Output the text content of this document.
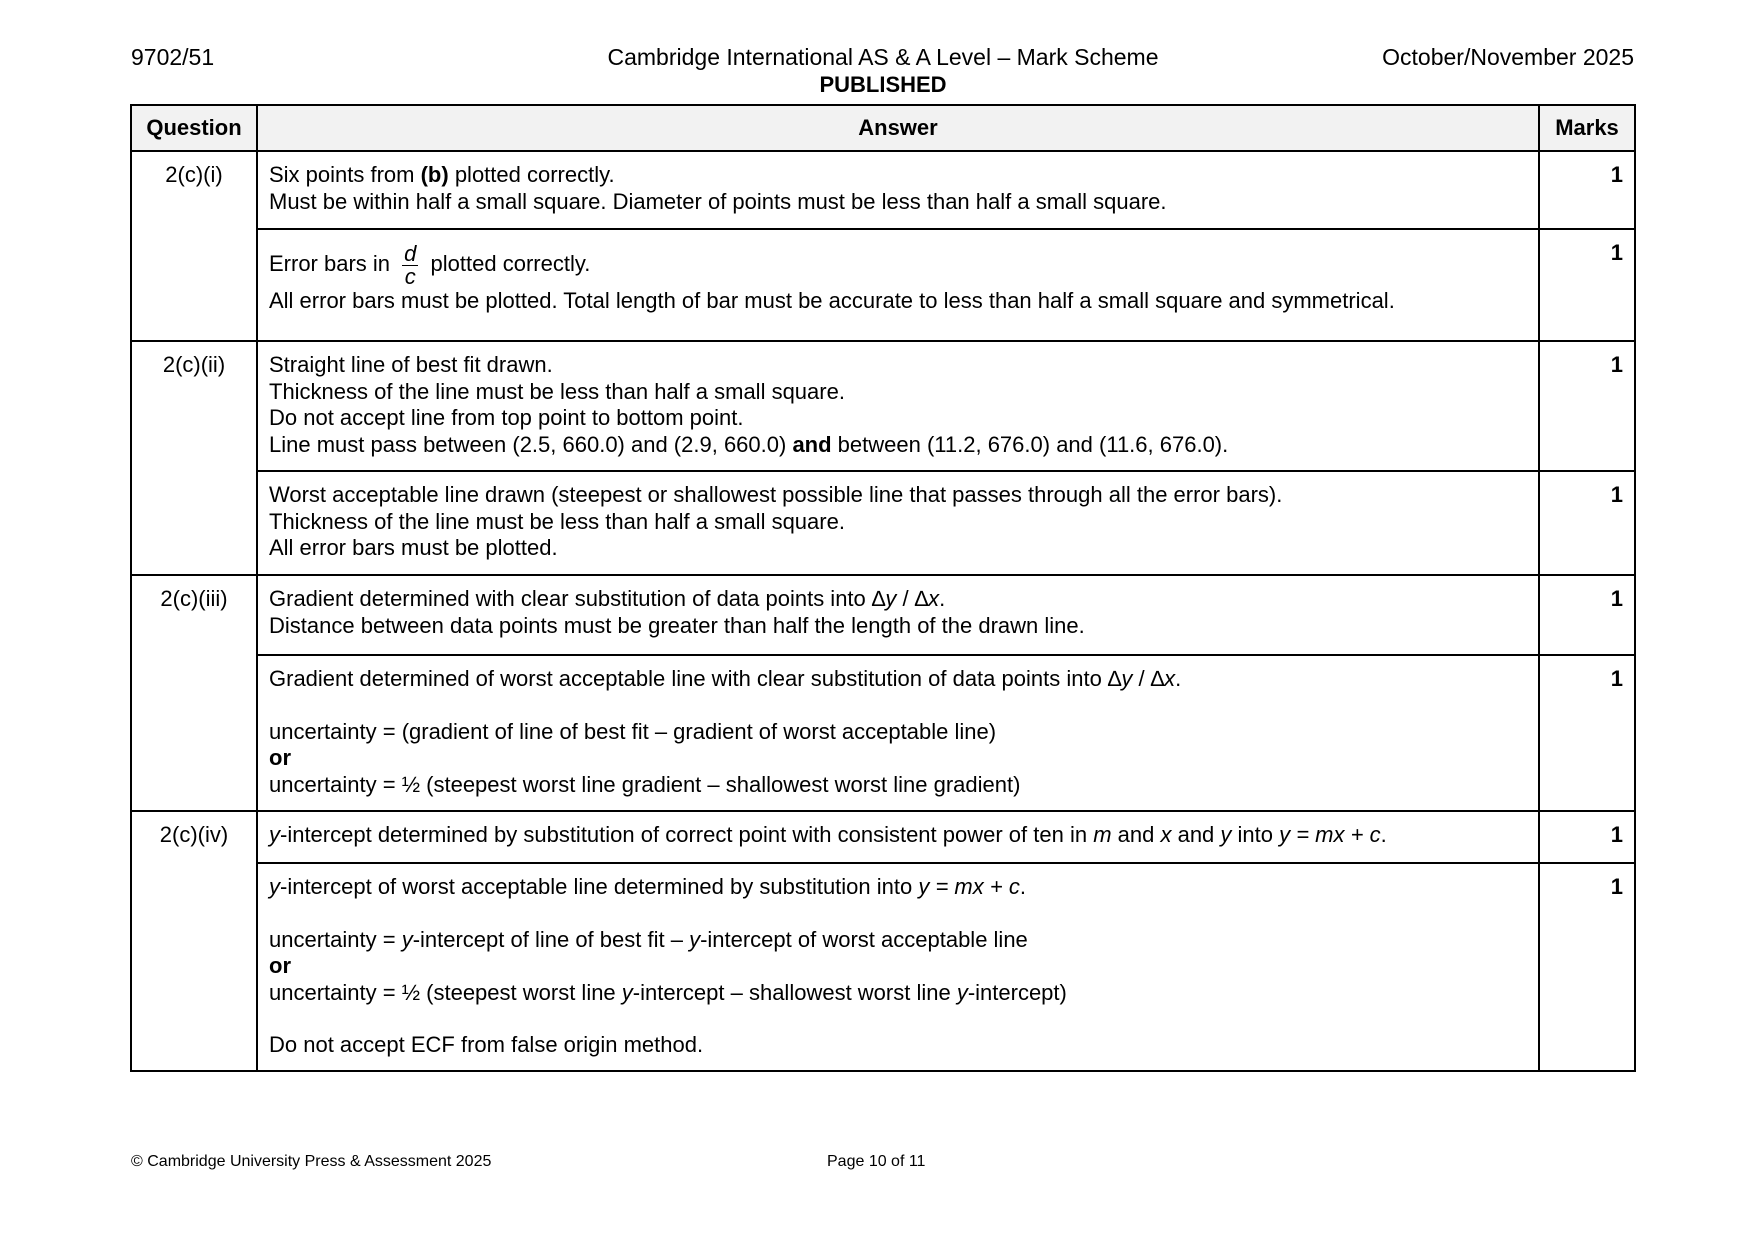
9702/51	Cambridge International AS & A Level – Mark Scheme
PUBLISHED
October/November 2025
Question	Answer	Marks
2(c)(i)	Six points from (b) plotted correctly.
Must be within half a small square. Diameter of points must be less than half a small square.	1

	Error bars in $\frac{d}{c}$ plotted correctly.
All error bars must be plotted. Total length of bar must be accurate to less than half a small square and symmetrical.	1
2(c)(ii)	Straight line of best fit drawn.
Thickness of the line must be less than half a small square.
Do not accept line from top point to bottom point.
Line must pass between (2.5, 660.0) and (2.9, 660.0) and between (11.2, 676.0) and (11.6, 676.0).	1

	Worst acceptable line drawn (steepest or shallowest possible line that passes through all the error bars).
Thickness of the line must be less than half a small square.
All error bars must be plotted.	1
2(c)(iii)	Gradient determined with clear substitution of data points into ∆y / ∆x.
Distance between data points must be greater than half the length of the drawn line.	1

	Gradient determined of worst acceptable line with clear substitution of data points into ∆y / ∆x.
uncertainty = (gradient of line of best fit – gradient of worst acceptable line)
or
uncertainty = ½ (steepest worst line gradient – shallowest worst line gradient)	1
2(c)(iv)	y-intercept determined by substitution of correct point with consistent power of ten in m and x and y into y = mx + c.	1

	y-intercept of worst acceptable line determined by substitution into y = mx + c.
uncertainty = y-intercept of line of best fit – y-intercept of worst acceptable line
or
uncertainty = ½ (steepest worst line y-intercept – shallowest worst line y-intercept)
Do not accept ECF from false origin method.	1
© Cambridge University Press & Assessment 2025	Page 10 of 11
